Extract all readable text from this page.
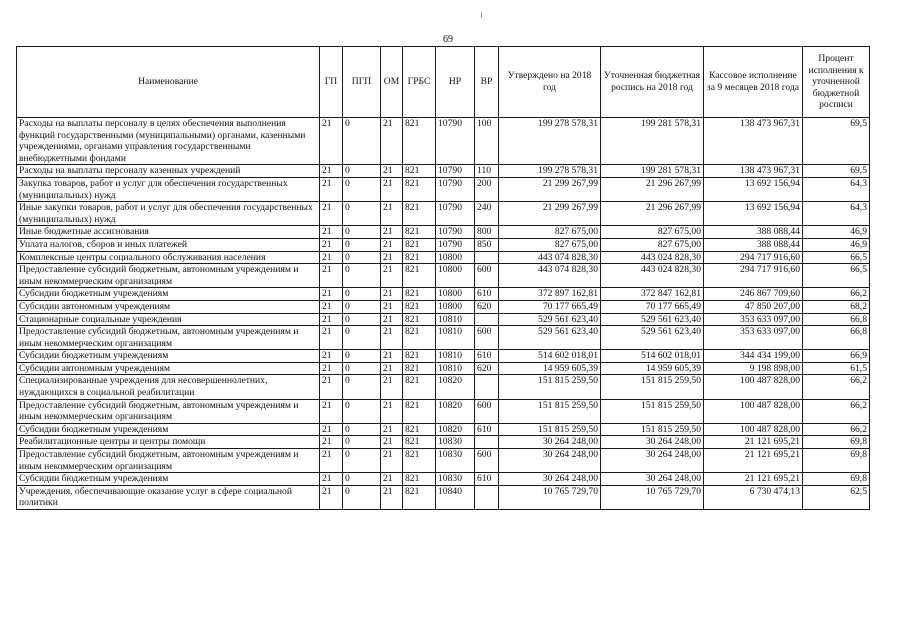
69
Наименование	ГП	ПГП	ОМ	ГРБС	НР	ВР	Утверждено на 2018 год	Уточненная бюджетная роспись на 2018 год	Кассовое исполнение за 9 месяцев 2018 года	Процент исполнения к уточненной бюджетной росписи
Расходы на выплаты персоналу в целях обеспечения выполнения функций государственными (муниципальными) органами, казенными учреждениями, органами управления государственными внебюджетными фондами	21	0	21	821	10790	100	199 278 578,31	199 281 578,31	138 473 967,31	69,5
Расходы на выплаты персоналу казенных учреждений	21	0	21	821	10790	110	199 278 578,31	199 281 578,31	138 473 967,31	69,5
Закупка товаров, работ и услуг для обеспечения государственных (муниципальных) нужд	21	0	21	821	10790	200	21 299 267,99	21 296 267,99	13 692 156,94	64,3
Иные закупки товаров, работ и услуг для обеспечения государственных (муниципальных) нужд	21	0	21	821	10790	240	21 299 267,99	21 296 267,99	13 692 156,94	64,3
Иные бюджетные ассигнования	21	0	21	821	10790	800	827 675,00	827 675,00	388 088,44	46,9
Уплата налогов, сборов и иных платежей	21	0	21	821	10790	850	827 675,00	827 675,00	388 088,44	46,9
Комплексные центры социального обслуживания населения	21	0	21	821	10800		443 074 828,30	443 024 828,30	294 717 916,60	66,5
Предоставление субсидий бюджетным, автономным учреждениям и иным некоммерческим организациям	21	0	21	821	10800	600	443 074 828,30	443 024 828,30	294 717 916,60	66,5
Субсидии бюджетным учреждениям	21	0	21	821	10800	610	372 897 162,81	372 847 162,81	246 867 709,60	66,2
Субсидии автономным учреждениям	21	0	21	821	10800	620	70 177 665,49	70 177 665,49	47 850 207,00	68,2
Стационарные социальные учреждения	21	0	21	821	10810		529 561 623,40	529 561 623,40	353 633 097,00	66,8
Предоставление субсидий бюджетным, автономным учреждениям и иным некоммерческим организациям	21	0	21	821	10810	600	529 561 623,40	529 561 623,40	353 633 097,00	66,8
Субсидии бюджетным учреждениям	21	0	21	821	10810	610	514 602 018,01	514 602 018,01	344 434 199,00	66,9
Субсидии автономным учреждениям	21	0	21	821	10810	620	14 959 605,39	14 959 605,39	9 198 898,00	61,5
Специализированные учреждения для несовершеннолетних, нуждающихся в социальной реабилитации	21	0	21	821	10820		151 815 259,50	151 815 259,50	100 487 828,00	66,2
Предоставление субсидий бюджетным, автономным учреждениям и иным некоммерческим организациям	21	0	21	821	10820	600	151 815 259,50	151 815 259,50	100 487 828,00	66,2
Субсидии бюджетным учреждениям	21	0	21	821	10820	610	151 815 259,50	151 815 259,50	100 487 828,00	66,2
Реабилитационные центры и центры помощи	21	0	21	821	10830		30 264 248,00	30 264 248,00	21 121 695,21	69,8
Предоставление субсидий бюджетным, автономным учреждениям и иным некоммерческим организациям	21	0	21	821	10830	600	30 264 248,00	30 264 248,00	21 121 695,21	69,8
Субсидии бюджетным учреждениям	21	0	21	821	10830	610	30 264 248,00	30 264 248,00	21 121 695,21	69,8
Учреждения, обеспечивающие оказание услуг в сфере социальной политики	21	0	21	821	10840		10 765 729,70	10 765 729,70	6 730 474,13	62,5
